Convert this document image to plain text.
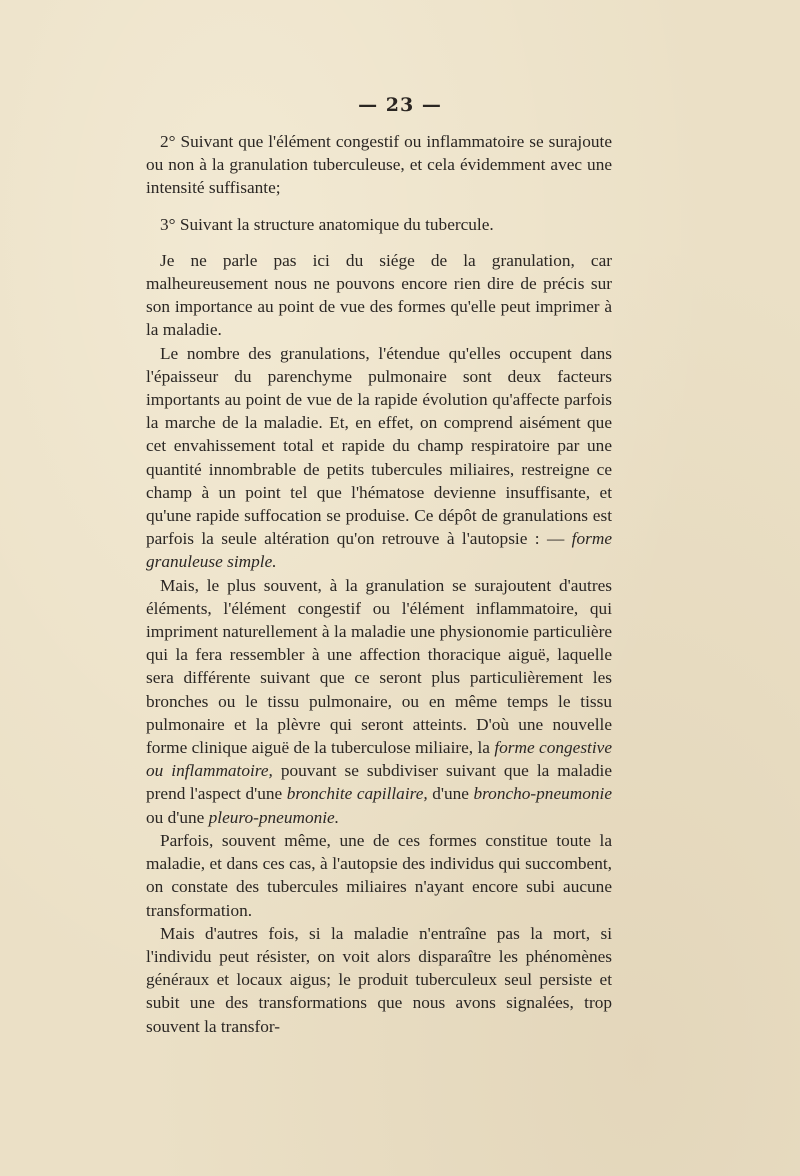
— 23 —

2° Suivant que l'élément congestif ou inflammatoire se surajoute ou non à la granulation tuberculeuse, et cela évidemment avec une intensité suffisante;

3° Suivant la structure anatomique du tubercule.

Je ne parle pas ici du siége de la granulation, car malheureusement nous ne pouvons encore rien dire de précis sur son importance au point de vue des formes qu'elle peut imprimer à la maladie.

Le nombre des granulations, l'étendue qu'elles occupent dans l'épaisseur du parenchyme pulmonaire sont deux facteurs importants au point de vue de la rapide évolution qu'affecte parfois la marche de la maladie. Et, en effet, on comprend aisément que cet envahissement total et rapide du champ respiratoire par une quantité innombrable de petits tubercules miliaires, restreigne ce champ à un point tel que l'hématose devienne insuffisante, et qu'une rapide suffocation se produise. Ce dépôt de granulations est parfois la seule altération qu'on retrouve à l'autopsie : — forme granuleuse simple.

Mais, le plus souvent, à la granulation se surajoutent d'autres éléments, l'élément congestif ou l'élément inflammatoire, qui impriment naturellement à la maladie une physionomie particulière qui la fera ressembler à une affection thoracique aiguë, laquelle sera différente suivant que ce seront plus particulièrement les bronches ou le tissu pulmonaire, ou en même temps le tissu pulmonaire et la plèvre qui seront atteints. D'où une nouvelle forme clinique aiguë de la tuberculose miliaire, la forme congestive ou inflammatoire, pouvant se subdiviser suivant que la maladie prend l'aspect d'une bronchite capillaire, d'une broncho-pneumonie ou d'une pleuro-pneumonie.

Parfois, souvent même, une de ces formes constitue toute la maladie, et dans ces cas, à l'autopsie des individus qui succombent, on constate des tubercules miliaires n'ayant encore subi aucune transformation.

Mais d'autres fois, si la maladie n'entraîne pas la mort, si l'individu peut résister, on voit alors disparaître les phénomènes généraux et locaux aigus; le produit tuberculeux seul persiste et subit une des transformations que nous avons signalées, trop souvent la transfor-
